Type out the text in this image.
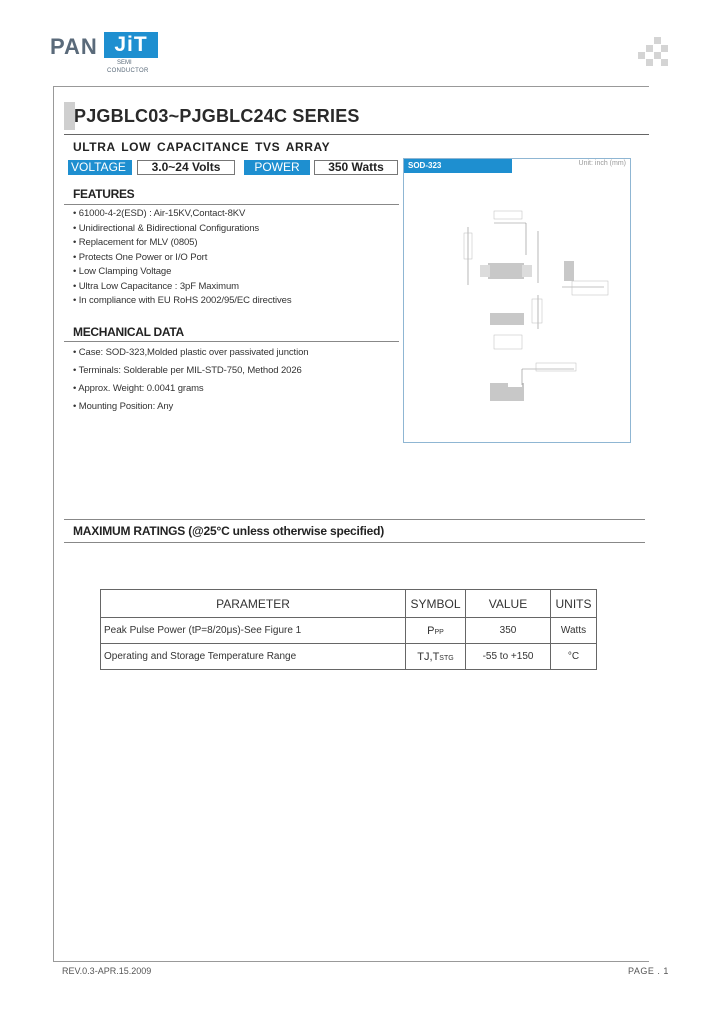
PAN JiT
SEMI
CONDUCTOR
PJGBLC03~PJGBLC24C SERIES
ULTRA LOW CAPACITANCE TVS ARRAY
VOLTAGE	3.0~24 Volts	POWER	350 Watts	SOD-323	Unit: inch (mm)
FEATURES
• 61000-4-2(ESD) : Air-15KV,Contact-8KV
• Unidirectional & Bidirectional Configurations
• Replacement for MLV (0805)
• Protects One Power or I/O Port
• Low Clamping Voltage
• Ultra Low Capacitance : 3pF Maximum
• In compliance with EU RoHS 2002/95/EC directives
MECHANICAL DATA
• Case: SOD-323,Molded plastic over passivated junction
• Terminals: Solderable per MIL-STD-750, Method 2026
• Approx. Weight: 0.0041 grams
• Mounting Position: Any
MAXIMUM RATINGS (@25°C unless otherwise specified)
PARAMETER	SYMBOL	VALUE	UNITS
Peak Pulse Power (tP=8/20μs)-See Figure 1	PPP	350	Watts
Operating and Storage Temperature Range	TJ,TSTG	-55 to +150	°C
REV.0.3-APR.15.2009	PAGE . 1
